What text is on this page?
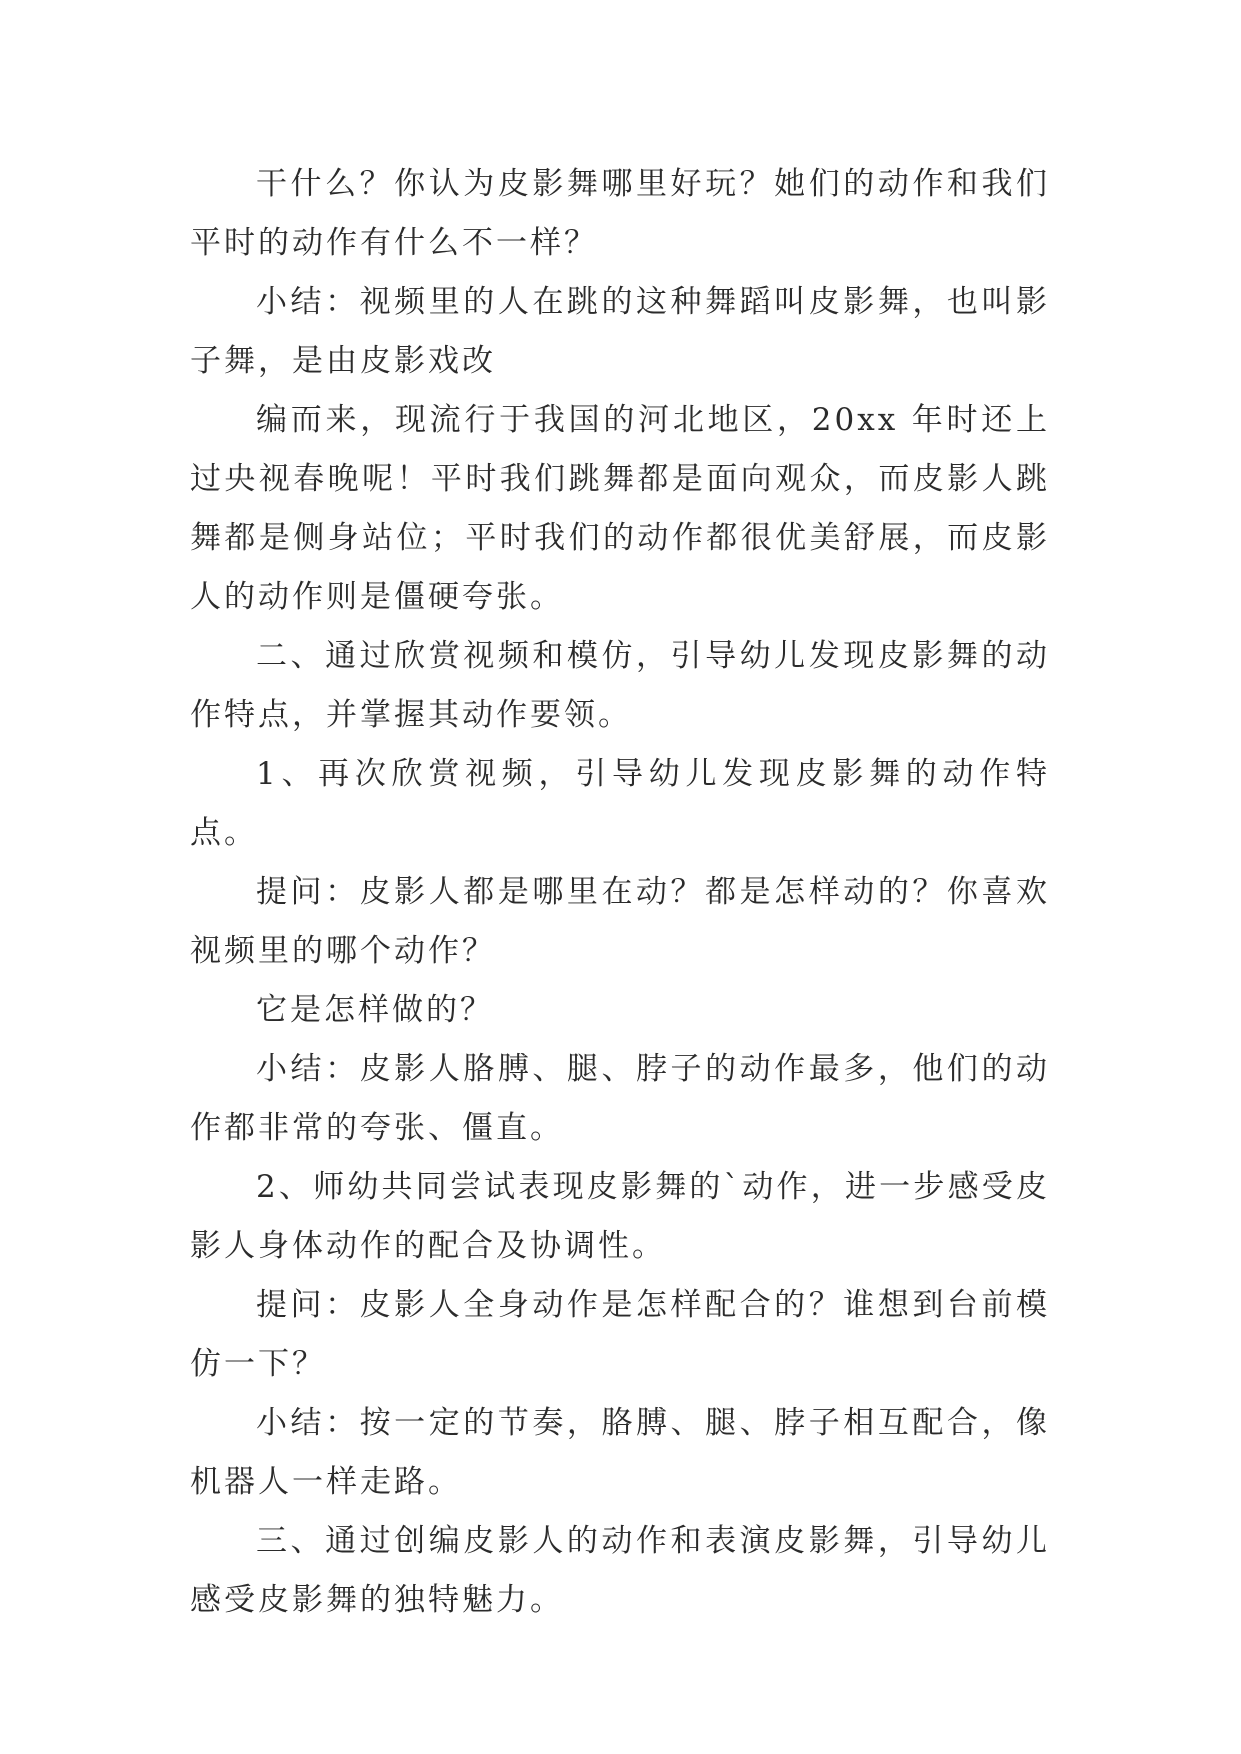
干什么？你认为皮影舞哪里好玩？她们的动作和我们平时的动作有什么不一样？

小结：视频里的人在跳的这种舞蹈叫皮影舞，也叫影子舞，是由皮影戏改

编而来，现流行于我国的河北地区，20xx 年时还上过央视春晚呢！平时我们跳舞都是面向观众，而皮影人跳舞都是侧身站位；平时我们的动作都很优美舒展，而皮影人的动作则是僵硬夸张。

二、通过欣赏视频和模仿，引导幼儿发现皮影舞的动作特点，并掌握其动作要领。

1、再次欣赏视频，引导幼儿发现皮影舞的动作特点。

提问：皮影人都是哪里在动？都是怎样动的？你喜欢视频里的哪个动作？

它是怎样做的？

小结：皮影人胳膊、腿、脖子的动作最多，他们的动作都非常的夸张、僵直。

2、师幼共同尝试表现皮影舞的`动作，进一步感受皮影人身体动作的配合及协调性。

提问：皮影人全身动作是怎样配合的？谁想到台前模仿一下？

小结：按一定的节奏，胳膊、腿、脖子相互配合，像机器人一样走路。

三、通过创编皮影人的动作和表演皮影舞，引导幼儿感受皮影舞的独特魅力。
